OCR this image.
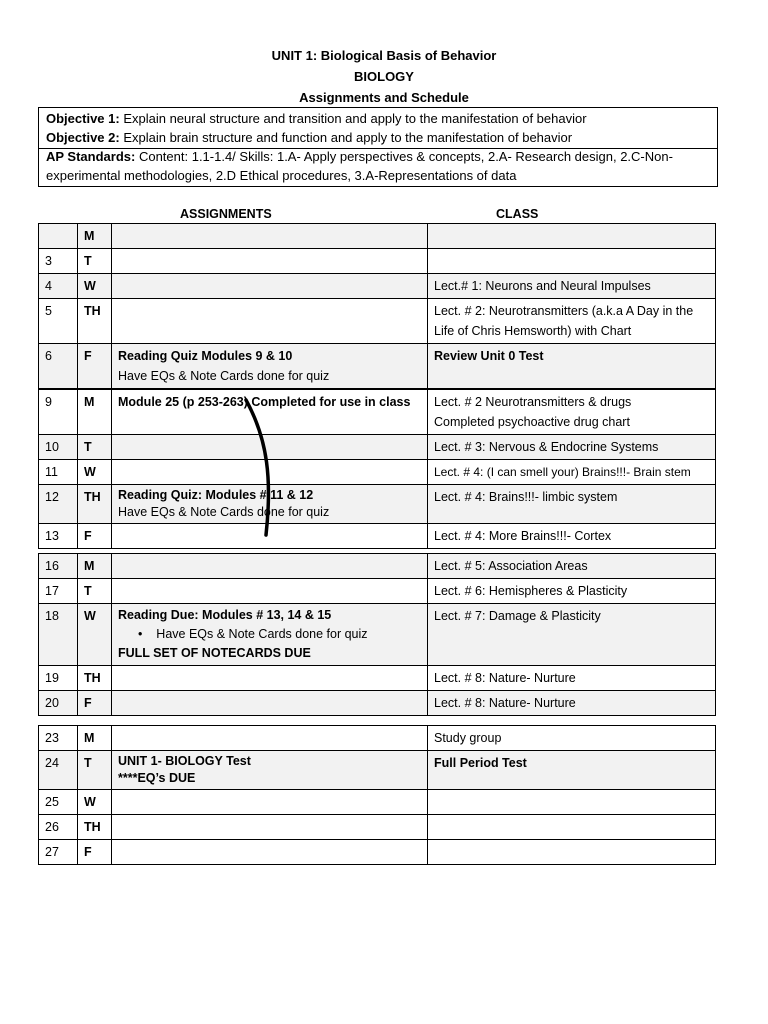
UNIT 1: Biological Basis of Behavior
BIOLOGY
Assignments and Schedule
Objective 1: Explain neural structure and transition and apply to the manifestation of behavior
Objective 2: Explain brain structure and function and apply to the manifestation of behavior
AP Standards: Content: 1.1-1.4/ Skills: 1.A- Apply perspectives & concepts, 2.A- Research design, 2.C-Non-
experimental methodologies, 2.D Ethical procedures, 3.A-Representations of data
ASSIGNMENTS	CLASS
	M		
3	T		
4	W		Lect.# 1: Neurons and Neural Impulses
5	TH		Lect. # 2: Neurotransmitters (a.k.a A Day in the
Life of Chris Hemsworth) with Chart

6	F	Reading Quiz Modules 9 & 10
Have EQs & Note Cards done for quiz	Review Unit 0 Test
9	M	Module 25 (p 253-263) Completed for use in class	Lect. # 2 Neurotransmitters & drugs
Completed psychoactive drug chart

10	T		Lect. # 3: Nervous & Endocrine Systems
11	W		Lect. # 4: (I can smell your) Brains!!!- Brain stem
12	TH	Reading Quiz: Modules # 11 & 12
Have EQs & Note Cards done for quiz	Lect. # 4: Brains!!!- limbic system
13	F		Lect. # 4: More Brains!!!- Cortex
16	M		Lect. # 5: Association Areas
17	T		Lect. # 6: Hemispheres & Plasticity
18	W	Reading Due: Modules # 13, 14 & 15
• Have EQs & Note Cards done for quiz
FULL SET OF NOTECARDS DUE	Lect. # 7: Damage & Plasticity
19	TH		Lect. # 8: Nature- Nurture
20	F		Lect. # 8: Nature- Nurture
23	M		Study group
24	T	UNIT 1- BIOLOGY Test
****EQ’s DUE	Full Period Test
25	W		
26	TH		
27	F		
